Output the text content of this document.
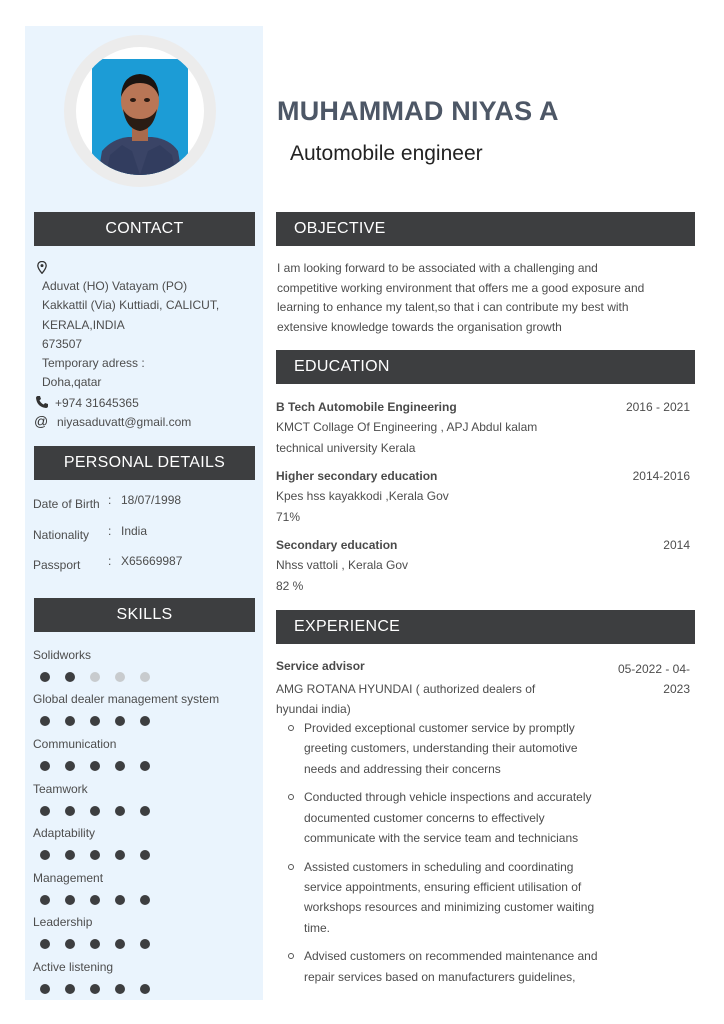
CONTACT
Aduvat (HO) Vatayam (PO)
Kakkattil (Via) Kuttiadi, CALICUT,
KERALA,INDIA
673507
Temporary adress :
Doha,qatar
+974 31645365
@ niyasaduvatt@gmail.com
PERSONAL DETAILS
Date of Birth : 18/07/1998
Nationality : India
Passport : X65669987
SKILLS
Solidworks
Global dealer management system
Communication
Teamwork
Adaptability
Management
Leadership
Active listening
MUHAMMAD NIYAS A
Automobile engineer
OBJECTIVE
I am looking forward to be associated with a challenging and
competitive working environment that offers me a good exposure and
learning to enhance my talent,so that i can contribute my best with
extensive knowledge towards the organisation growth
EDUCATION
B Tech Automobile Engineering	2016 - 2021
KMCT Collage Of Engineering , APJ Abdul kalam
technical university Kerala
Higher secondary education	2014-2016
Kpes hss kayakkodi ,Kerala Gov
71%
Secondary education	2014
Nhss vattoli , Kerala Gov
82 %
EXPERIENCE
Service advisor	05-2022 - 04-
2023
AMG ROTANA HYUNDAI ( authorized dealers of
hyundai india)
Provided exceptional customer service by promptly
greeting customers, understanding their automotive
needs and addressing their concerns
Conducted through vehicle inspections and accurately
documented customer concerns to effectively
communicate with the service team and technicians
Assisted customers in scheduling and coordinating
service appointments, ensuring efficient utilisation of
workshops resources and minimizing customer waiting
time.
Advised customers on recommended maintenance and
repair services based on manufacturers guidelines,
